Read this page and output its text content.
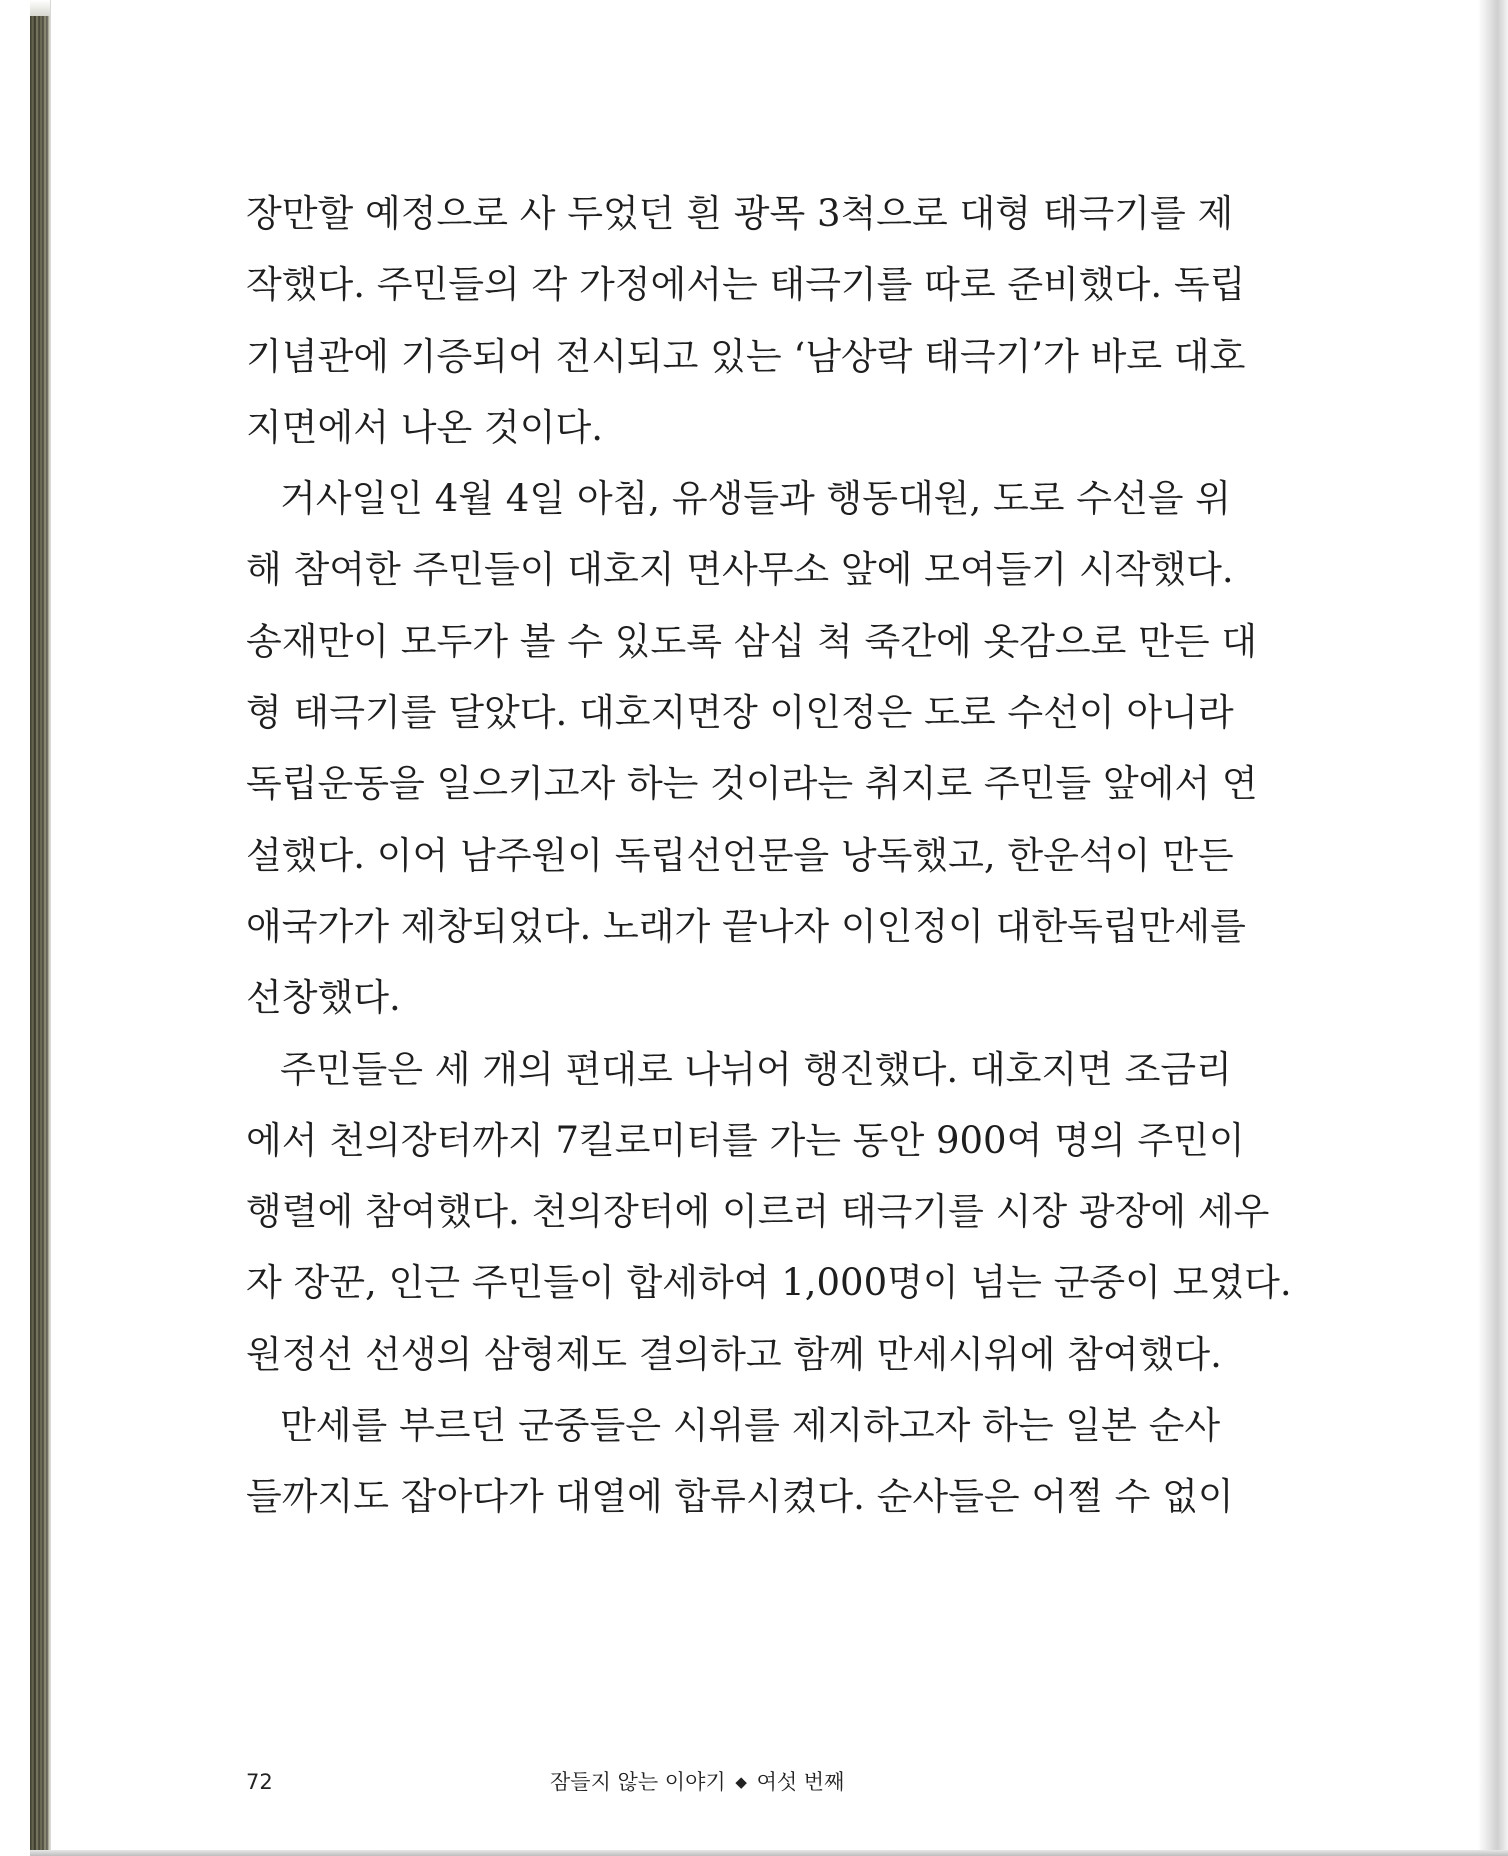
장만할 예정으로 사 두었던 흰 광목 3척으로 대형 태극기를 제
작했다. 주민들의 각 가정에서는 태극기를 따로 준비했다. 독립
기념관에 기증되어 전시되고 있는 ‘남상락 태극기’가 바로 대호
지면에서 나온 것이다.
거사일인 4월 4일 아침, 유생들과 행동대원, 도로 수선을 위
해 참여한 주민들이 대호지 면사무소 앞에 모여들기 시작했다.
송재만이 모두가 볼 수 있도록 삼십 척 죽간에 옷감으로 만든 대
형 태극기를 달았다. 대호지면장 이인정은 도로 수선이 아니라
독립운동을 일으키고자 하는 것이라는 취지로 주민들 앞에서 연
설했다. 이어 남주원이 독립선언문을 낭독했고, 한운석이 만든
애국가가 제창되었다. 노래가 끝나자 이인정이 대한독립만세를
선창했다.
주민들은 세 개의 편대로 나뉘어 행진했다. 대호지면 조금리
에서 천의장터까지 7킬로미터를 가는 동안 900여 명의 주민이
행렬에 참여했다. 천의장터에 이르러 태극기를 시장 광장에 세우
자 장꾼, 인근 주민들이 합세하여 1,000명이 넘는 군중이 모였다.
원정선 선생의 삼형제도 결의하고 함께 만세시위에 참여했다.
만세를 부르던 군중들은 시위를 제지하고자 하는 일본 순사
들까지도 잡아다가 대열에 합류시켰다. 순사들은 어쩔 수 없이
72	잠들지 않는 이야기 ◆ 여섯 번째
